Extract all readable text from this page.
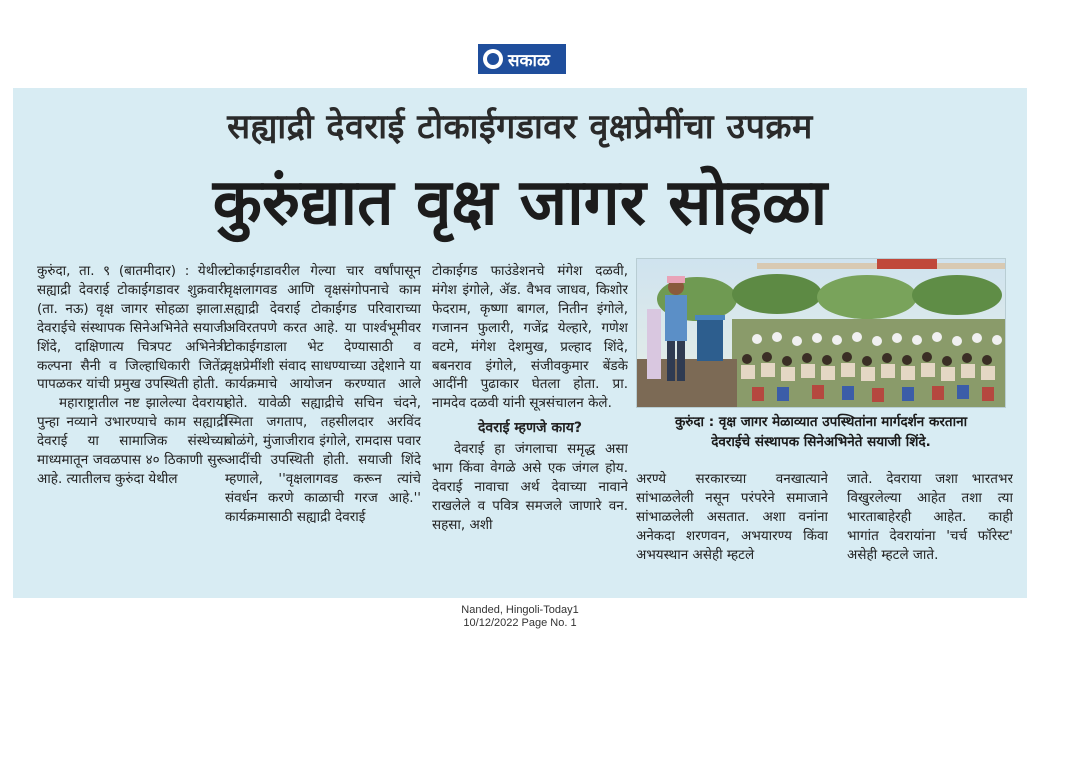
सकाळ
सह्याद्री देवराई टोकाईगडावर वृक्षप्रेमींचा उपक्रम
कुरुंद्यात वृक्ष जागर सोहळा

कुरुंदा, ता. ९ (बातमीदार) : येथील सह्याद्री देवराई टोकाईगडावर शुक्रवारी (ता. नऊ) वृक्ष जागर सोहळा झाला. देवराईचे संस्थापक सिनेअभिनेते सयाजी शिंदे, दाक्षिणात्य चित्रपट अभिनेत्री कल्पना सैनी व जिल्हाधिकारी जितेंद्र पापळकर यांची प्रमुख उपस्थिती होती.

महाराष्ट्रातील नष्ट झालेल्या देवराया पुन्हा नव्याने उभारण्याचे काम सह्याद्री देवराई या सामाजिक संस्थेच्या माध्यमातून जवळपास ४० ठिकाणी सुरू आहे. त्यातीलच कुरुंदा येथील

टोकाईगडावरील गेल्या चार वर्षांपासून वृक्षलागवड आणि वृक्षसंगोपनाचे काम सह्याद्री देवराई टोकाईगड परिवाराच्या अविरतपणे करत आहे. या पार्श्वभूमीवर टोकाईगडाला भेट देण्यासाठी व वृक्षप्रेमींशी संवाद साधण्याच्या उद्देशाने या कार्यक्रमाचे आयोजन करण्यात आले होते. यावेळी सह्याद्रीचे सचिन चंदने, स्मिता जगताप, तहसीलदार अरविंद बोळंगे, मुंजाजीराव इंगोले, रामदास पवार आदींची उपस्थिती होती. सयाजी शिंदे म्हणाले, ''वृक्षलागवड करून त्यांचे संवर्धन करणे काळाची गरज आहे.'' कार्यक्रमासाठी सह्याद्री देवराई

टोकाईगड फाउंडेशनचे मंगेश दळवी, मंगेश इंगोले, ॲड. वैभव जाधव, किशोर फेदराम, कृष्णा बागल, नितीन इंगोले, गजानन फुलारी, गजेंद्र येल्हारे, गणेश वटमे, मंगेश देशमुख, प्रल्हाद शिंदे, बबनराव इंगोले, संजीवकुमार बेंडके आदींनी पुढाकार घेतला होता. प्रा. नामदेव दळवी यांनी सूत्रसंचालन केले.

देवराई म्हणजे काय?

देवराई हा जंगलाचा समृद्ध असा भाग किंवा वेगळे असे एक जंगल होय. देवराई नावाचा अर्थ देवाच्या नावाने राखलेले व पवित्र समजले जाणारे वन. सहसा, अशी

कुरुंदा : वृक्ष जागर मेळाव्यात उपस्थितांना मार्गदर्शन करताना
देवराईचे संस्थापक सिनेअभिनेते सयाजी शिंदे.

अरण्ये सरकारच्या वनखात्याने सांभाळलेली नसून परंपरेने समाजाने सांभाळलेली असतात. अशा वनांना अनेकदा शरणवन, अभयारण्य किंवा अभयस्थान असेही म्हटले

जाते. देवराया जशा भारतभर विखुरलेल्या आहेत तशा त्या भारताबाहेरही आहेत. काही भागांत देवरायांना 'चर्च फॉरेस्ट' असेही म्हटले जाते.

Nanded, Hingoli-Today1
10/12/2022 Page No. 1
